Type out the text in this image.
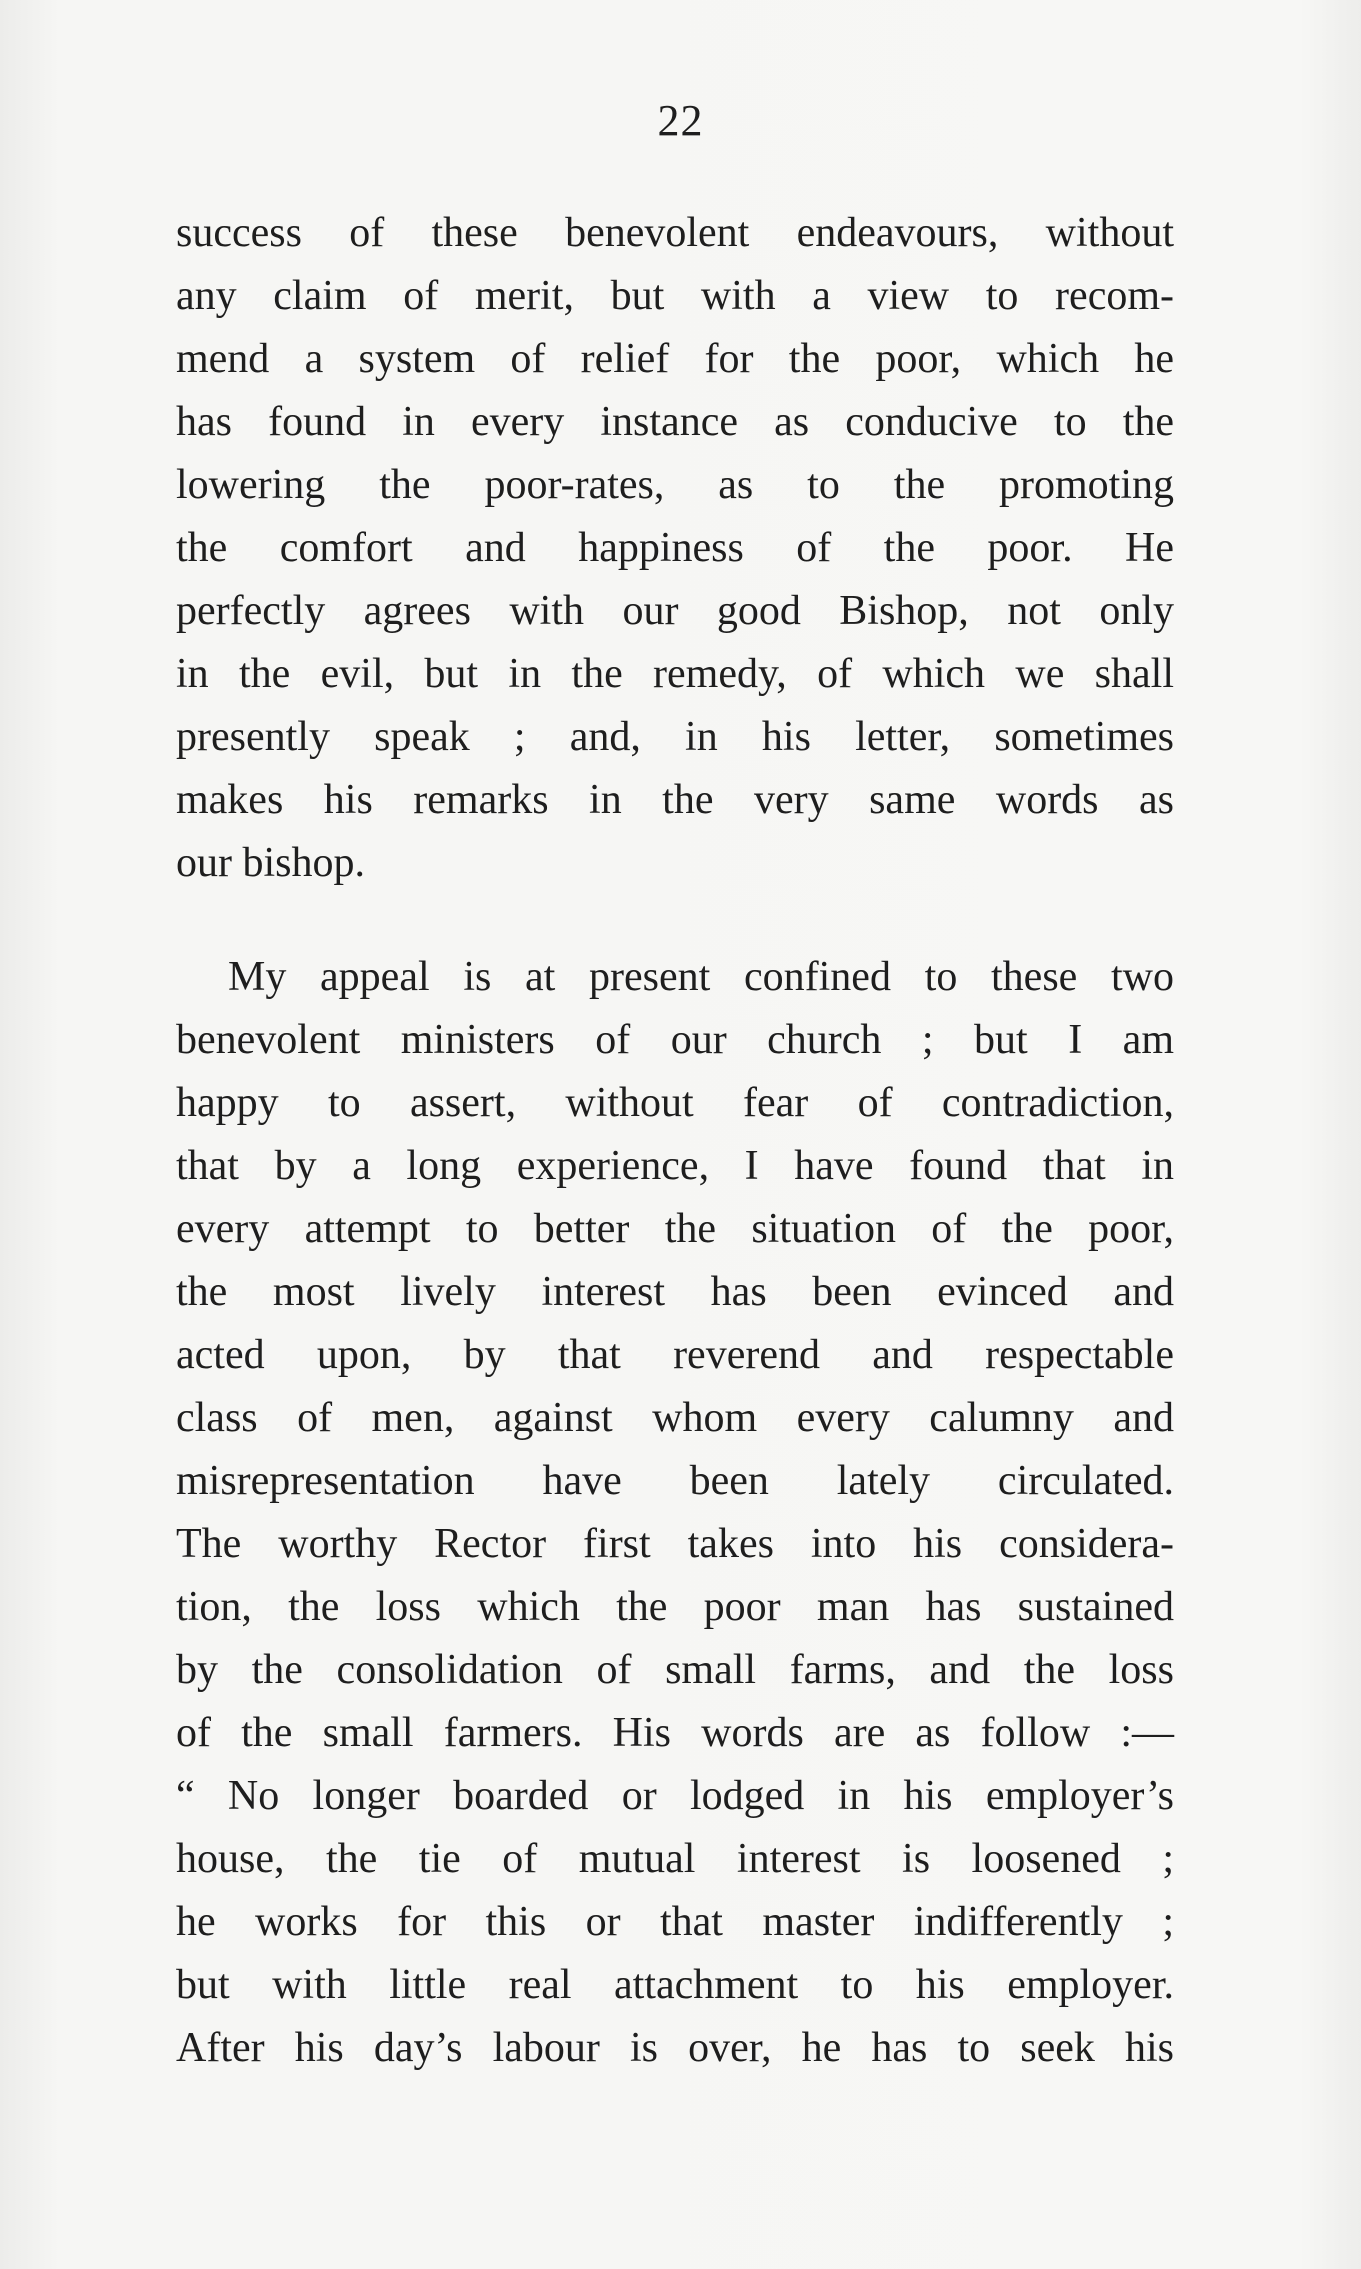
22
success of these benevolent endeavours, without
any claim of merit, but with a view to recom-
mend a system of relief for the poor, which he
has found in every instance as conducive to the
lowering the poor-rates, as to the promoting
the comfort and happiness of the poor. He
perfectly agrees with our good Bishop, not only
in the evil, but in the remedy, of which we shall
presently speak ; and, in his letter, sometimes
makes his remarks in the very same words as
our bishop.
My appeal is at present confined to these two
benevolent ministers of our church ; but I am
happy to assert, without fear of contradiction,
that by a long experience, I have found that in
every attempt to better the situation of the poor,
the most lively interest has been evinced and
acted upon, by that reverend and respectable
class of men, against whom every calumny and
misrepresentation have been lately circulated.
The worthy Rector first takes into his considera-
tion, the loss which the poor man has sustained
by the consolidation of small farms, and the loss
of the small farmers. His words are as follow :—
“ No longer boarded or lodged in his employer’s
house, the tie of mutual interest is loosened ;
he works for this or that master indifferently ;
but with little real attachment to his employer.
After his day’s labour is over, he has to seek his
